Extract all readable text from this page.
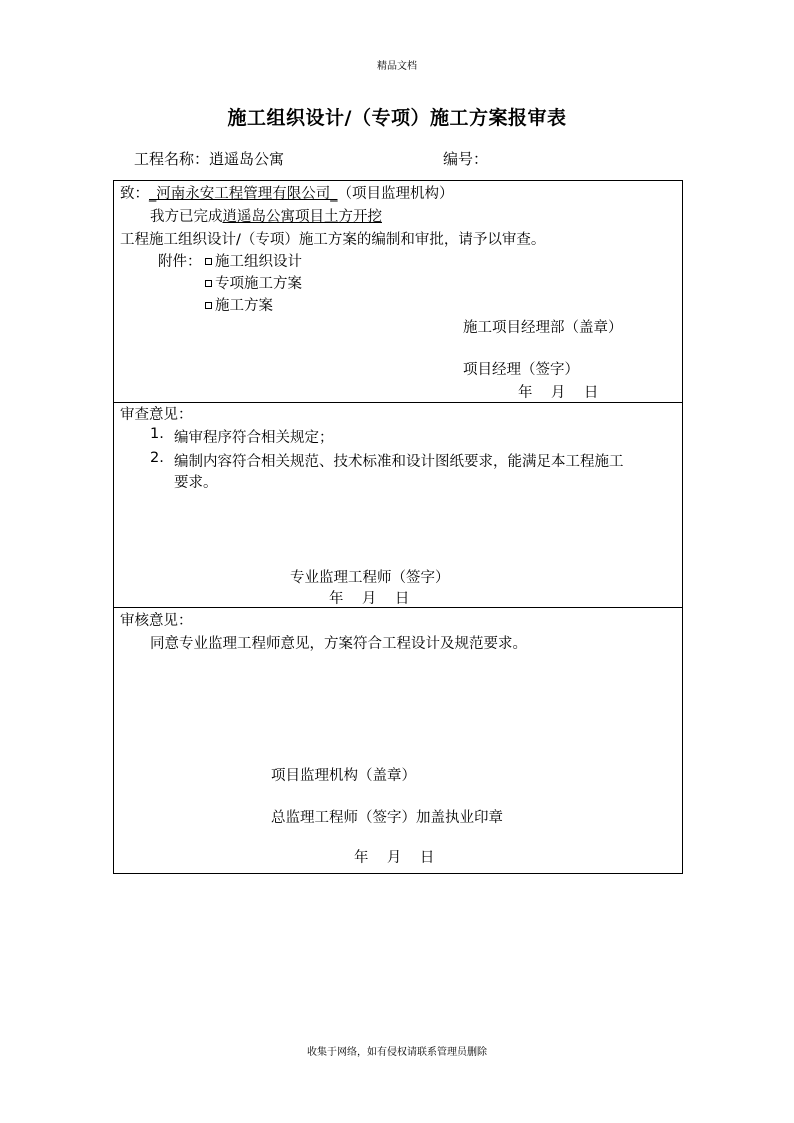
精品文档
施工组织设计/（专项）施工方案报审表
工程名称：逍遥岛公寓	编号：
致：_河南永安工程管理有限公司_（项目监理机构）
我方已完成逍遥岛公寓项目土方开挖
工程施工组织设计/（专项）施工方案的编制和审批，请予以审查。
附件： 施工组织设计
专项施工方案
施工方案
施工项目经理部（盖章）
项目经理（签字）
年    月    日
审查意见：
1. 编审程序符合相关规定；
2. 编制内容符合相关规范、技术标准和设计图纸要求，能满足本工程施工
要求。
专业监理工程师（签字）
年    月    日
审核意见：
同意专业监理工程师意见，方案符合工程设计及规范要求。
项目监理机构（盖章）
总监理工程师（签字）加盖执业印章
年    月    日
收集于网络，如有侵权请联系管理员删除
